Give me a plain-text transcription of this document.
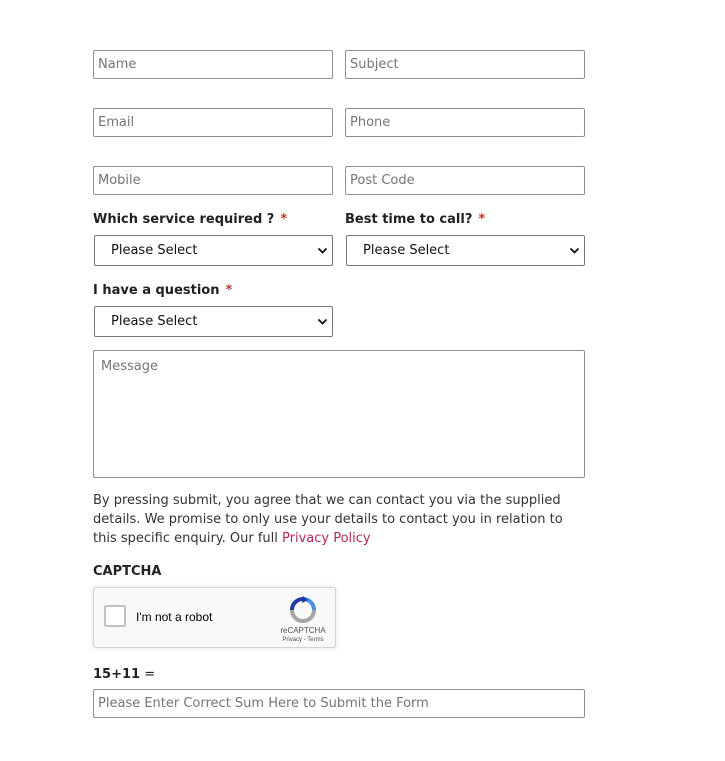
Name
Subject
Email
Phone
Mobile
Post Code
Which service required ? *	Best time to call? *
Please Select	Please Select
I have a question *
Please Select
Message
By pressing submit, you agree that we can contact you via the supplied details. We promise to only use your details to contact you in relation to this specific enquiry. Our full Privacy Policy
CAPTCHA
I'm not a robot
reCAPTCHA
Privacy - Terms
15+11 =
Please Enter Correct Sum Here to Submit the Form
